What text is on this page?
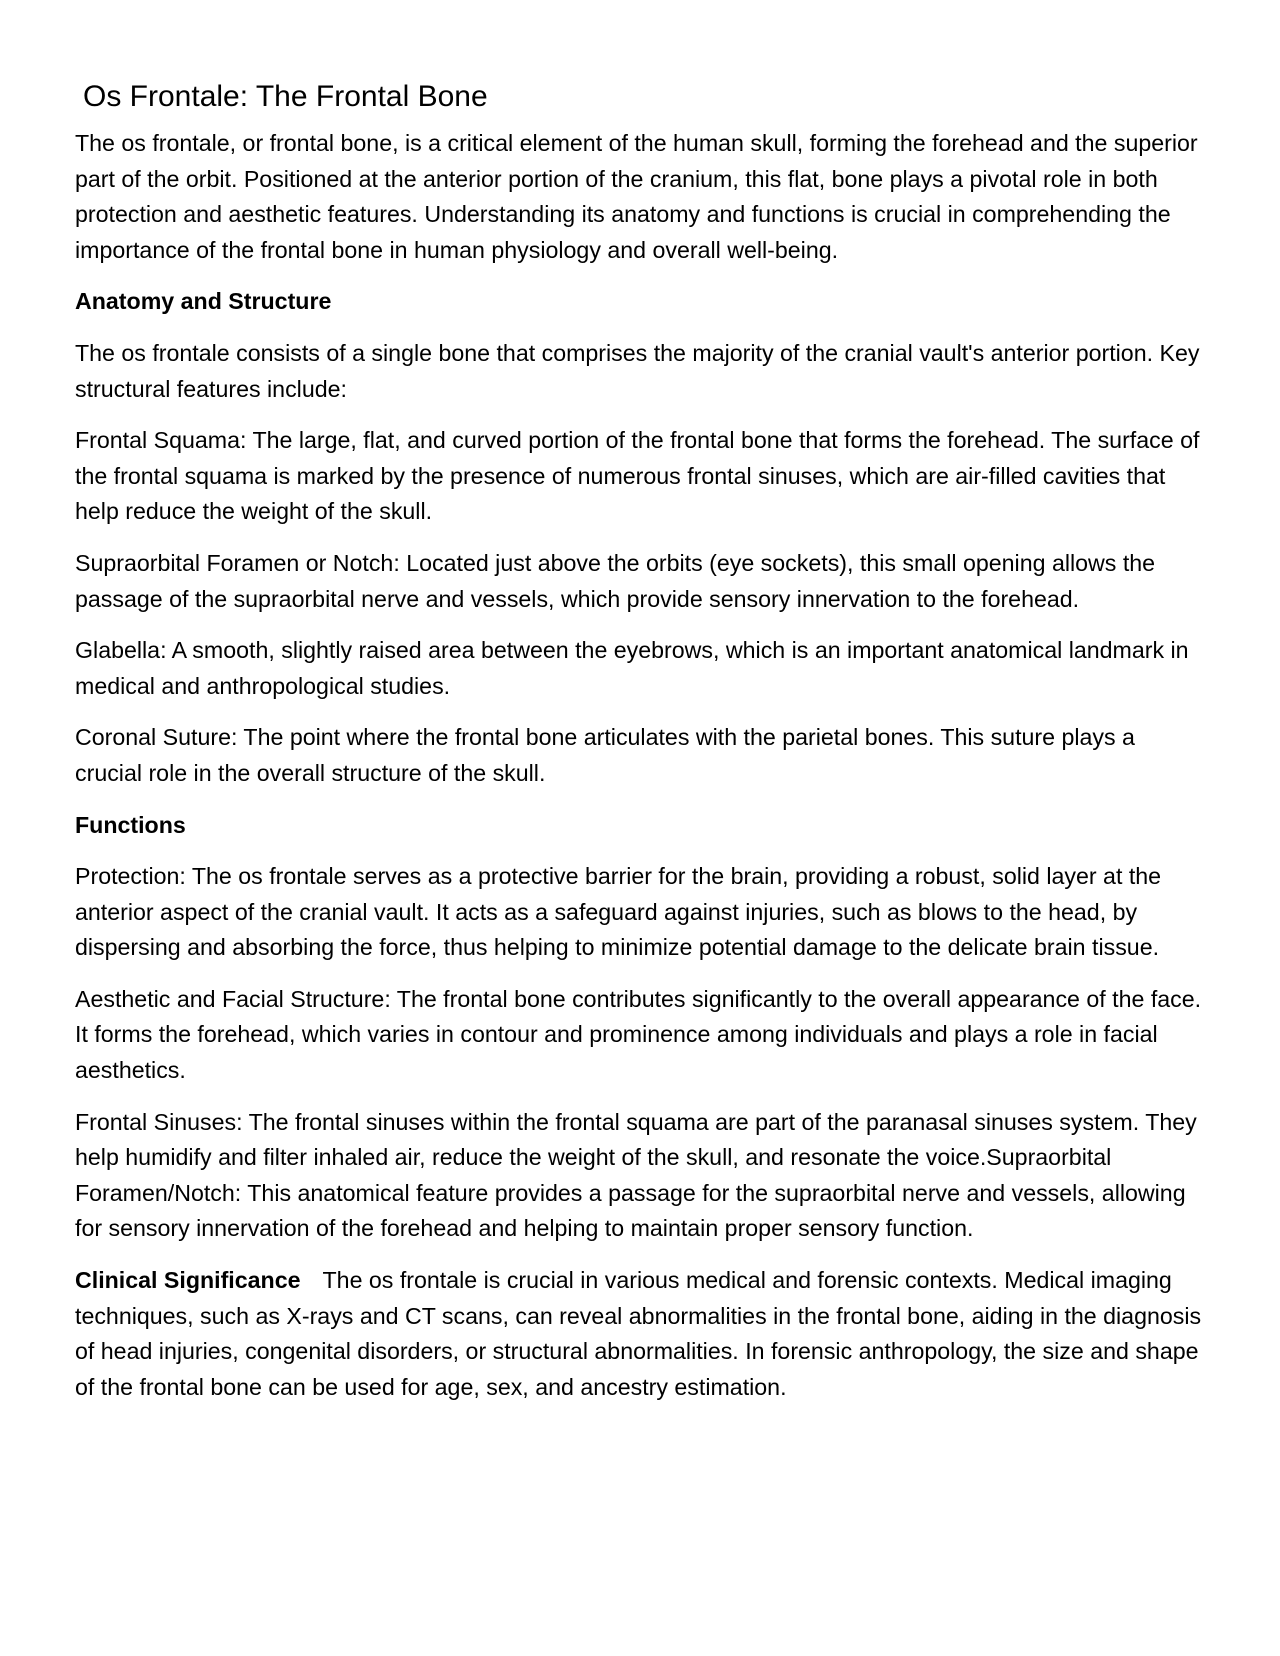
Os Frontale: The Frontal Bone

The os frontale, or frontal bone, is a critical element of the human skull, forming the forehead and the superior part of the orbit. Positioned at the anterior portion of the cranium, this flat, bone plays a pivotal role in both protection and aesthetic features. Understanding its anatomy and functions is crucial in comprehending the importance of the frontal bone in human physiology and overall well-being.

Anatomy and Structure

The os frontale consists of a single bone that comprises the majority of the cranial vault's anterior portion. Key structural features include:

Frontal Squama: The large, flat, and curved portion of the frontal bone that forms the forehead. The surface of the frontal squama is marked by the presence of numerous frontal sinuses, which are air-filled cavities that help reduce the weight of the skull.

Supraorbital Foramen or Notch: Located just above the orbits (eye sockets), this small opening allows the passage of the supraorbital nerve and vessels, which provide sensory innervation to the forehead.

Glabella: A smooth, slightly raised area between the eyebrows, which is an important anatomical landmark in medical and anthropological studies.

Coronal Suture: The point where the frontal bone articulates with the parietal bones. This suture plays a crucial role in the overall structure of the skull.

Functions

Protection: The os frontale serves as a protective barrier for the brain, providing a robust, solid layer at the anterior aspect of the cranial vault. It acts as a safeguard against injuries, such as blows to the head, by dispersing and absorbing the force, thus helping to minimize potential damage to the delicate brain tissue.

Aesthetic and Facial Structure: The frontal bone contributes significantly to the overall appearance of the face. It forms the forehead, which varies in contour and prominence among individuals and plays a role in facial aesthetics.

Frontal Sinuses: The frontal sinuses within the frontal squama are part of the paranasal sinuses system. They help humidify and filter inhaled air, reduce the weight of the skull, and resonate the voice.Supraorbital Foramen/Notch: This anatomical feature provides a passage for the supraorbital nerve and vessels, allowing for sensory innervation of the forehead and helping to maintain proper sensory function.

Clinical Significance The os frontale is crucial in various medical and forensic contexts. Medical imaging techniques, such as X-rays and CT scans, can reveal abnormalities in the frontal bone, aiding in the diagnosis of head injuries, congenital disorders, or structural abnormalities. In forensic anthropology, the size and shape of the frontal bone can be used for age, sex, and ancestry estimation.
